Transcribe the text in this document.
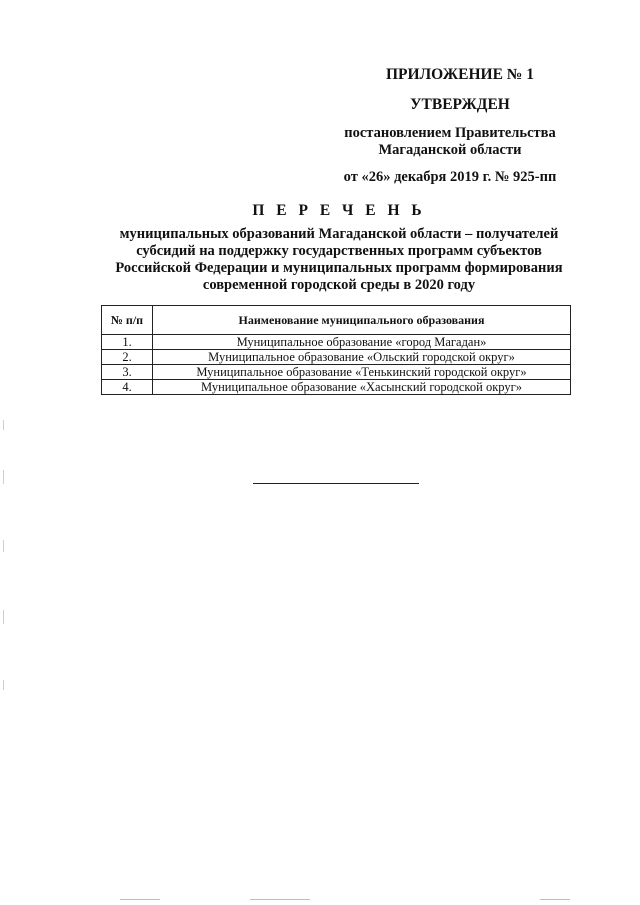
ПРИЛОЖЕНИЕ № 1
УТВЕРЖДЕН
постановлением Правительства
Магаданской области
от «26» декабря 2019 г. № 925-пп
П Е Р Е Ч Е Н Ь
муниципальных образований Магаданской области – получателей
субсидий на поддержку государственных программ субъектов
Российской Федерации и муниципальных программ формирования
современной городской среды в 2020 году
№ п/п	Наименование муниципального образования
1.	Муниципальное образование «город Магадан»
2.	Муниципальное образование «Ольский городской округ»
3.	Муниципальное образование «Тенькинский городской округ»
4.	Муниципальное образование «Хасынский городской округ»
